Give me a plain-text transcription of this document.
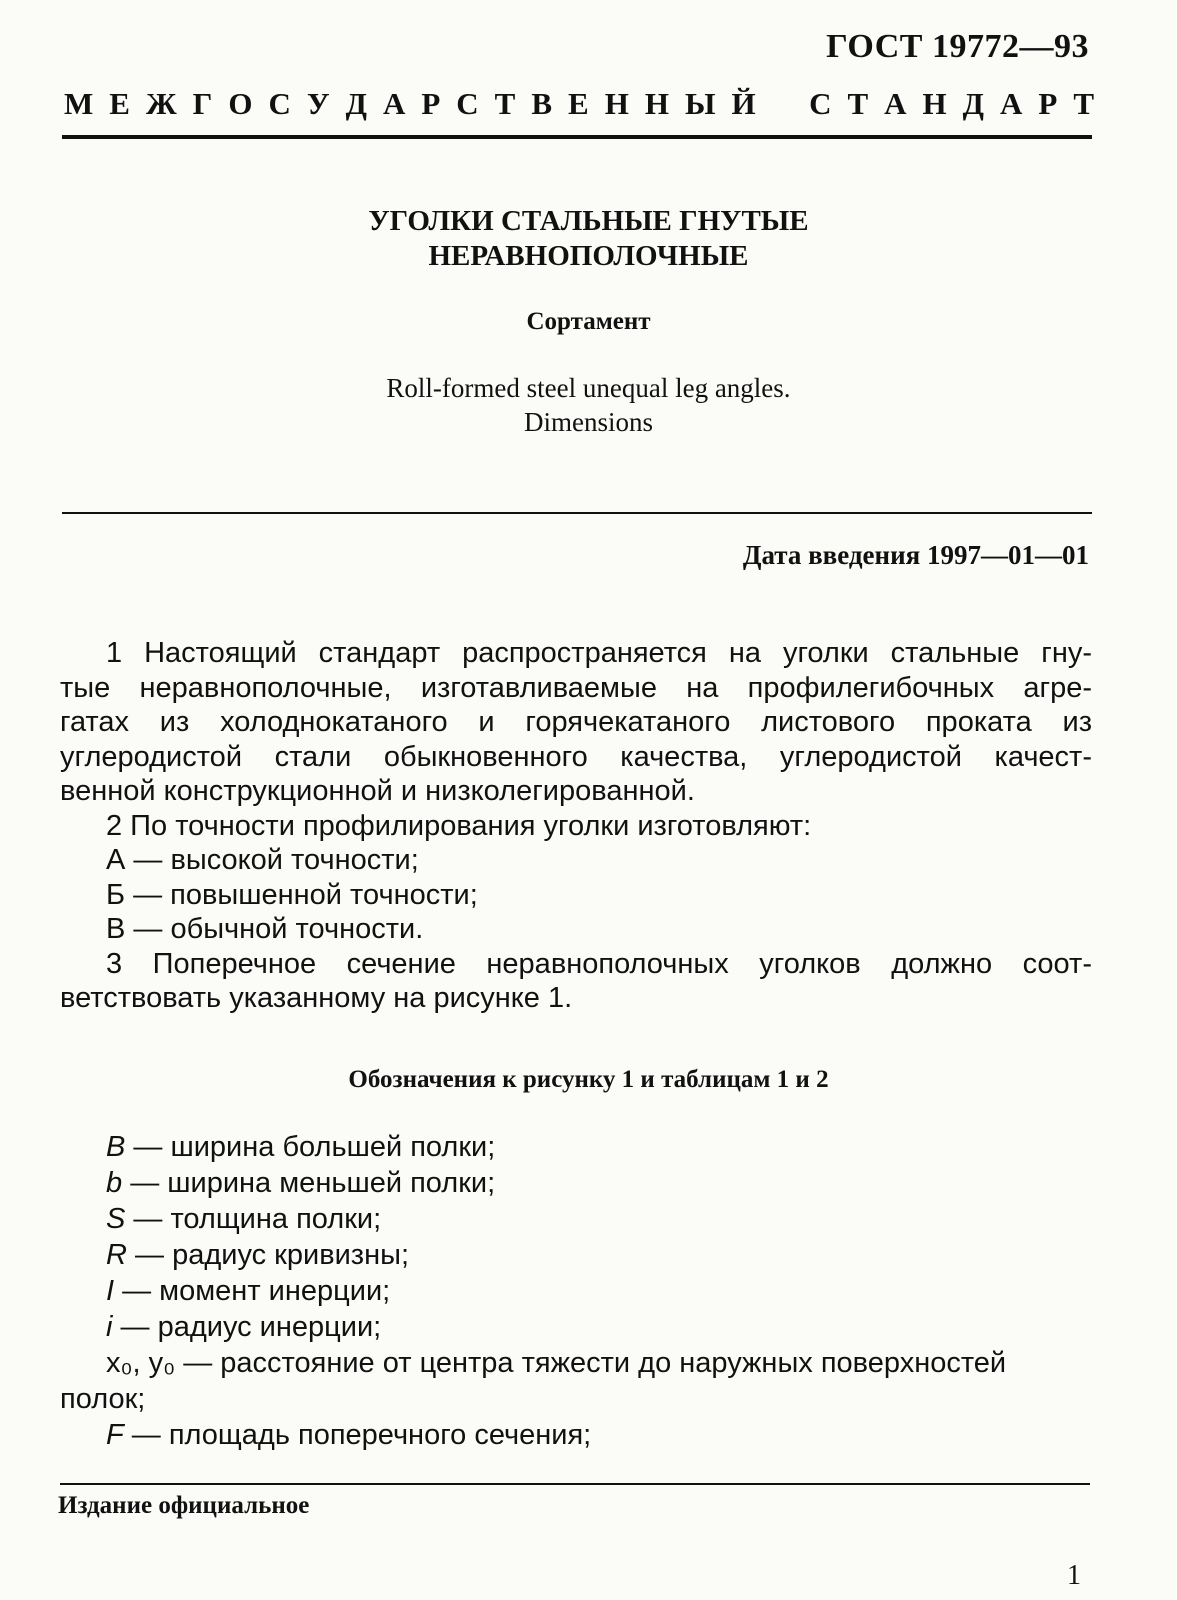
ГОСТ 19772—93
М Е Ж Г О С У Д А Р С Т В Е Н Н Ы Й С Т А Н Д А Р Т
УГОЛКИ СТАЛЬНЫЕ ГНУТЫЕ
НЕРАВНОПОЛОЧНЫЕ
Сортамент
Roll-formed steel unequal leg angles.
Dimensions
Дата введения 1997—01—01

1 Настоящий стандарт распространяется на уголки стальные гну-

тые неравнополочные, изготавливаемые на профилегибочных агре-

гатах из холоднокатаного и горячекатаного листового проката из

углеродистой стали обыкновенного качества, углеродистой качест-

венной конструкционной и низколегированной.

2 По точности профилирования уголки изготовляют:

А — высокой точности;

Б — повышенной точности;

В — обычной точности.

3 Поперечное сечение неравнополочных уголков должно соот-

ветствовать указанному на рисунке 1.

Обозначения к рисунку 1 и таблицам 1 и 2

B — ширина большей полки;

b — ширина меньшей полки;

S — толщина полки;

R — радиус кривизны;

I — момент инерции;

i — радиус инерции;

x₀, y₀ — расстояние от центра тяжести до наружных поверхностей

полок;

F — площадь поперечного сечения;

Издание официальное
1
